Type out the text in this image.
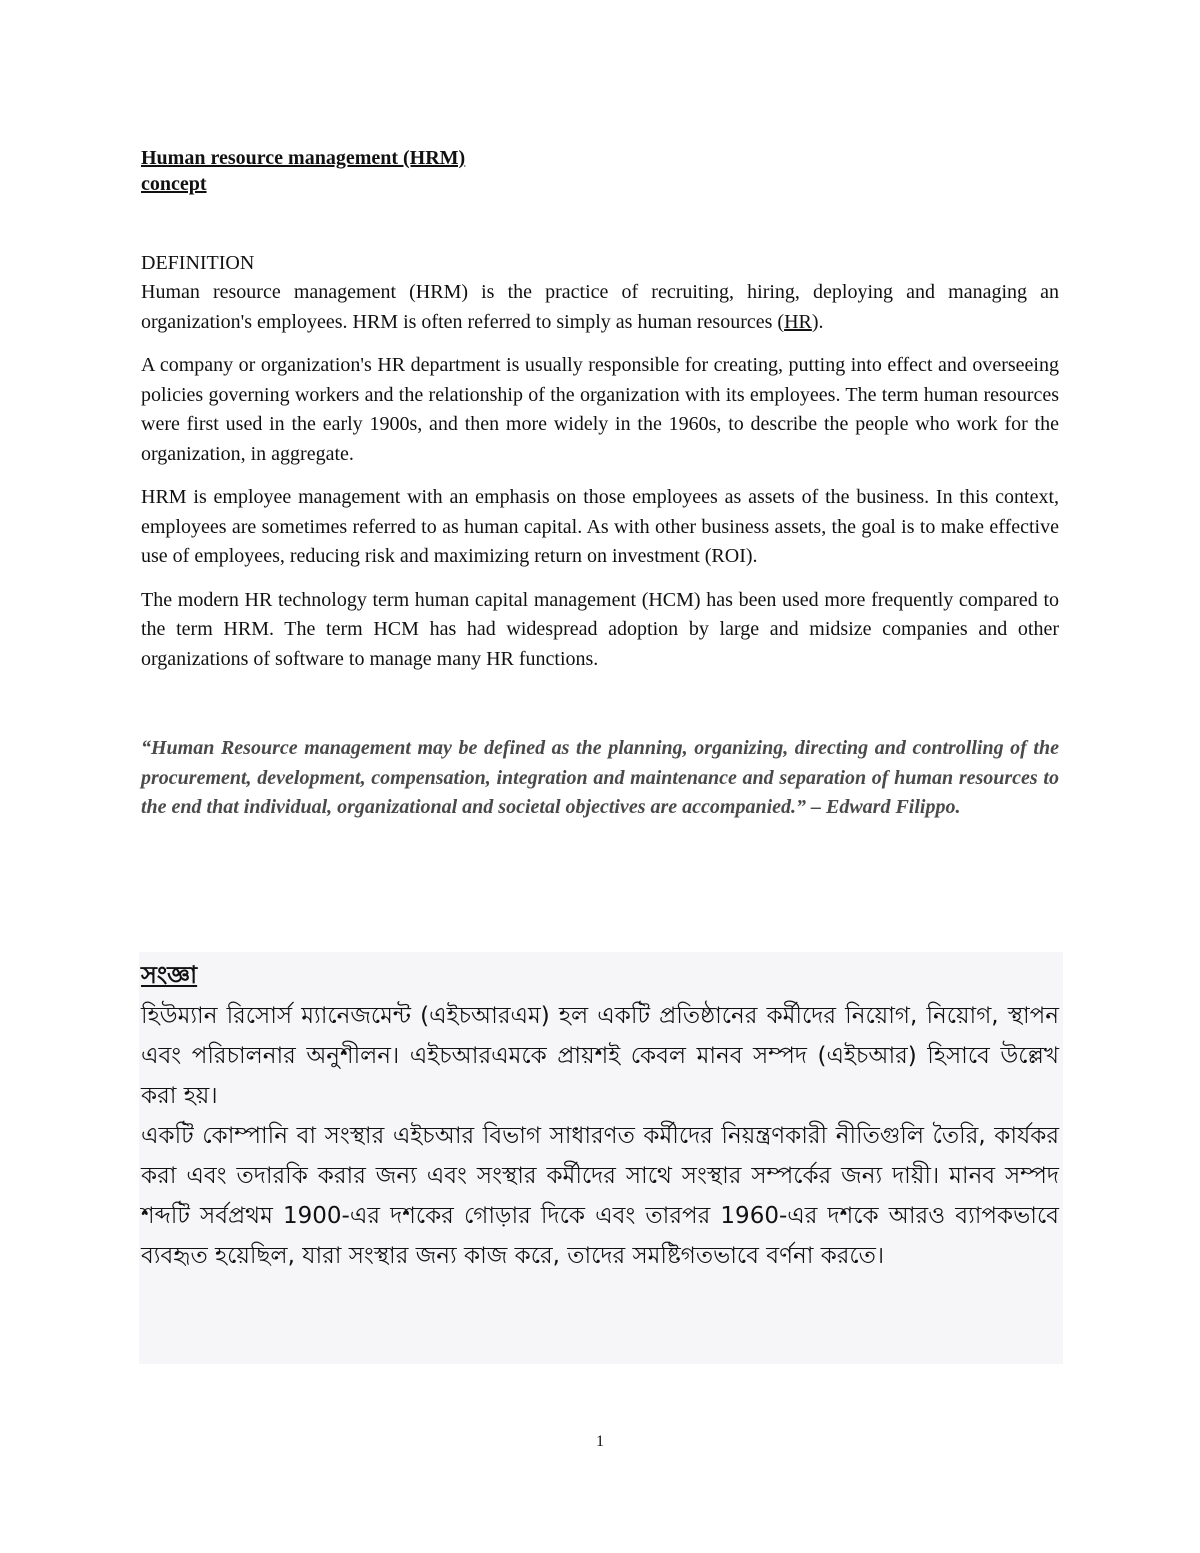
Human resource management (HRM)

concept

DEFINITION

Human resource management (HRM) is the practice of recruiting, hiring, deploying and managing an organization's employees. HRM is often referred to simply as human resources (HR).

A company or organization's HR department is usually responsible for creating, putting into effect and overseeing policies governing workers and the relationship of the organization with its employees. The term human resources were first used in the early 1900s, and then more widely in the 1960s, to describe the people who work for the organization, in aggregate.

HRM is employee management with an emphasis on those employees as assets of the business. In this context, employees are sometimes referred to as human capital. As with other business assets, the goal is to make effective use of employees, reducing risk and maximizing return on investment (ROI).

The modern HR technology term human capital management (HCM) has been used more frequently compared to the term HRM. The term HCM has had widespread adoption by large and midsize companies and other organizations of software to manage many HR functions.

“Human Resource management may be defined as the planning, organizing, directing and controlling of the procurement, development, compensation, integration and maintenance and separation of human resources to the end that individual, organizational and societal objectives are accompanied.” – Edward Filippo.

সংজ্ঞা

হিউম্যান রিসোর্স ম্যানেজমেন্ট (এইচআরএম) হল একটি প্রতিষ্ঠানের কর্মীদের নিয়োগ, নিয়োগ, স্থাপন এবং পরিচালনার অনুশীলন। এইচআরএমকে প্রায়শই কেবল মানব সম্পদ (এইচআর) হিসাবে উল্লেখ করা হয়।

একটি কোম্পানি বা সংস্থার এইচআর বিভাগ সাধারণত কর্মীদের নিয়ন্ত্রণকারী নীতিগুলি তৈরি, কার্যকর করা এবং তদারকি করার জন্য এবং সংস্থার কর্মীদের সাথে সংস্থার সম্পর্কের জন্য দায়ী। মানব সম্পদ শব্দটি সর্বপ্রথম 1900-এর দশকের গোড়ার দিকে এবং তারপর 1960-এর দশকে আরও ব্যাপকভাবে ব্যবহৃত হয়েছিল, যারা সংস্থার জন্য কাজ করে, তাদের সমষ্টিগতভাবে বর্ণনা করতে।

1
